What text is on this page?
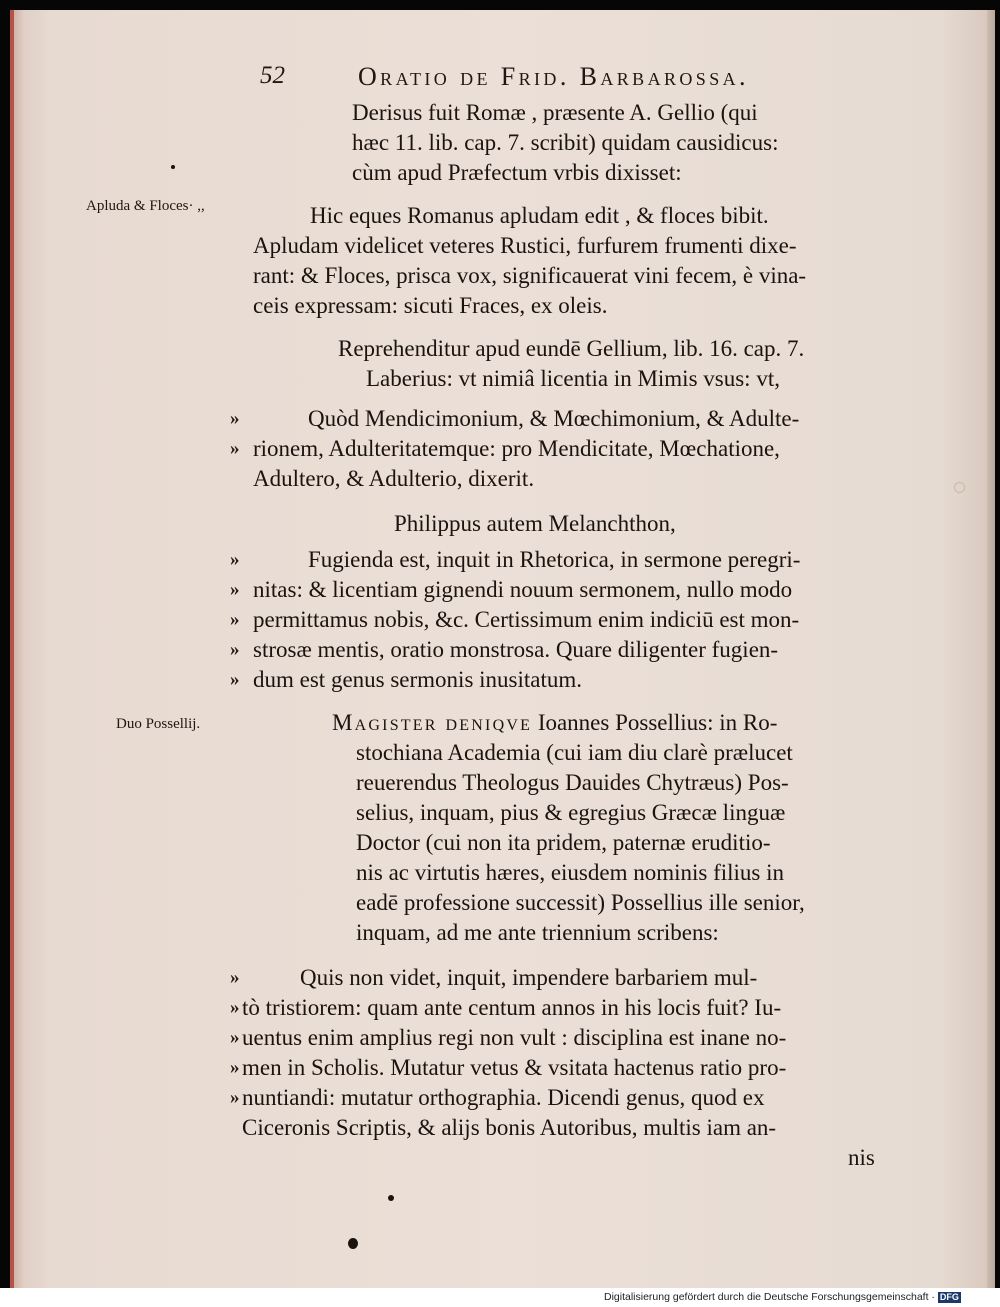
52	Oratio de Frid. Barbarossa.
Apluda & Floces· ,,
Duo Possellij.
Derisus fuit Romæ , præsente A. Gellio (qui
hæc 11. lib. cap. 7. scribit) quidam causidicus:
cùm apud Præfectum vrbis dixisset:
Hic eques Romanus apludam edit , & floces bibit.
Apludam videlicet veteres Rustici, furfurem frumenti dixe-
rant: & Floces, prisca vox, significauerat vini fecem, è vina-
ceis expressam: sicuti Fraces, ex oleis.
Reprehenditur apud eundē Gellium, lib. 16. cap. 7.
Laberius: vt nimiâ licentia in Mimis vsus: vt,
»	Quòd Mendicimonium, & Mœchimonium, & Adulte-
» rionem, Adulteritatemque: pro Mendicitate, Mœchatione,
Adultero, & Adulterio, dixerit.
Philippus autem Melanchthon,
»	Fugienda est, inquit in Rhetorica, in sermone peregri-
» nitas: & licentiam gignendi nouum sermonem, nullo modo
» permittamus nobis, &c. Certissimum enim indiciū est mon-
» strosæ mentis, oratio monstrosa. Quare diligenter fugien-
» dum est genus sermonis inusitatum.
Magister deniqve Ioannes Possellius: in Ro-
stochiana Academia (cui iam diu clarè prælucet
reuerendus Theologus Dauides Chytræus) Pos-
selius, inquam, pius & egregius Græcæ linguæ
Doctor (cui non ita pridem, paternæ eruditio-
nis ac virtutis hæres, eiusdem nominis filius in
eadē professione successit) Possellius ille senior,
inquam, ad me ante triennium scribens:
»	Quis non videt, inquit, impendere barbariem mul-
» tò tristiorem: quam ante centum annos in his locis fuit? Iu-
» uentus enim amplius regi non vult : disciplina est inane no-
» men in Scholis. Mutatur vetus & vsitata hactenus ratio pro-
» nuntiandi: mutatur orthographia. Dicendi genus, quod ex
Ciceronis Scriptis, & alijs bonis Autoribus, multis iam an-
nis
Digitalisierung gefördert durch die Deutsche Forschungsgemeinschaft · DFG
